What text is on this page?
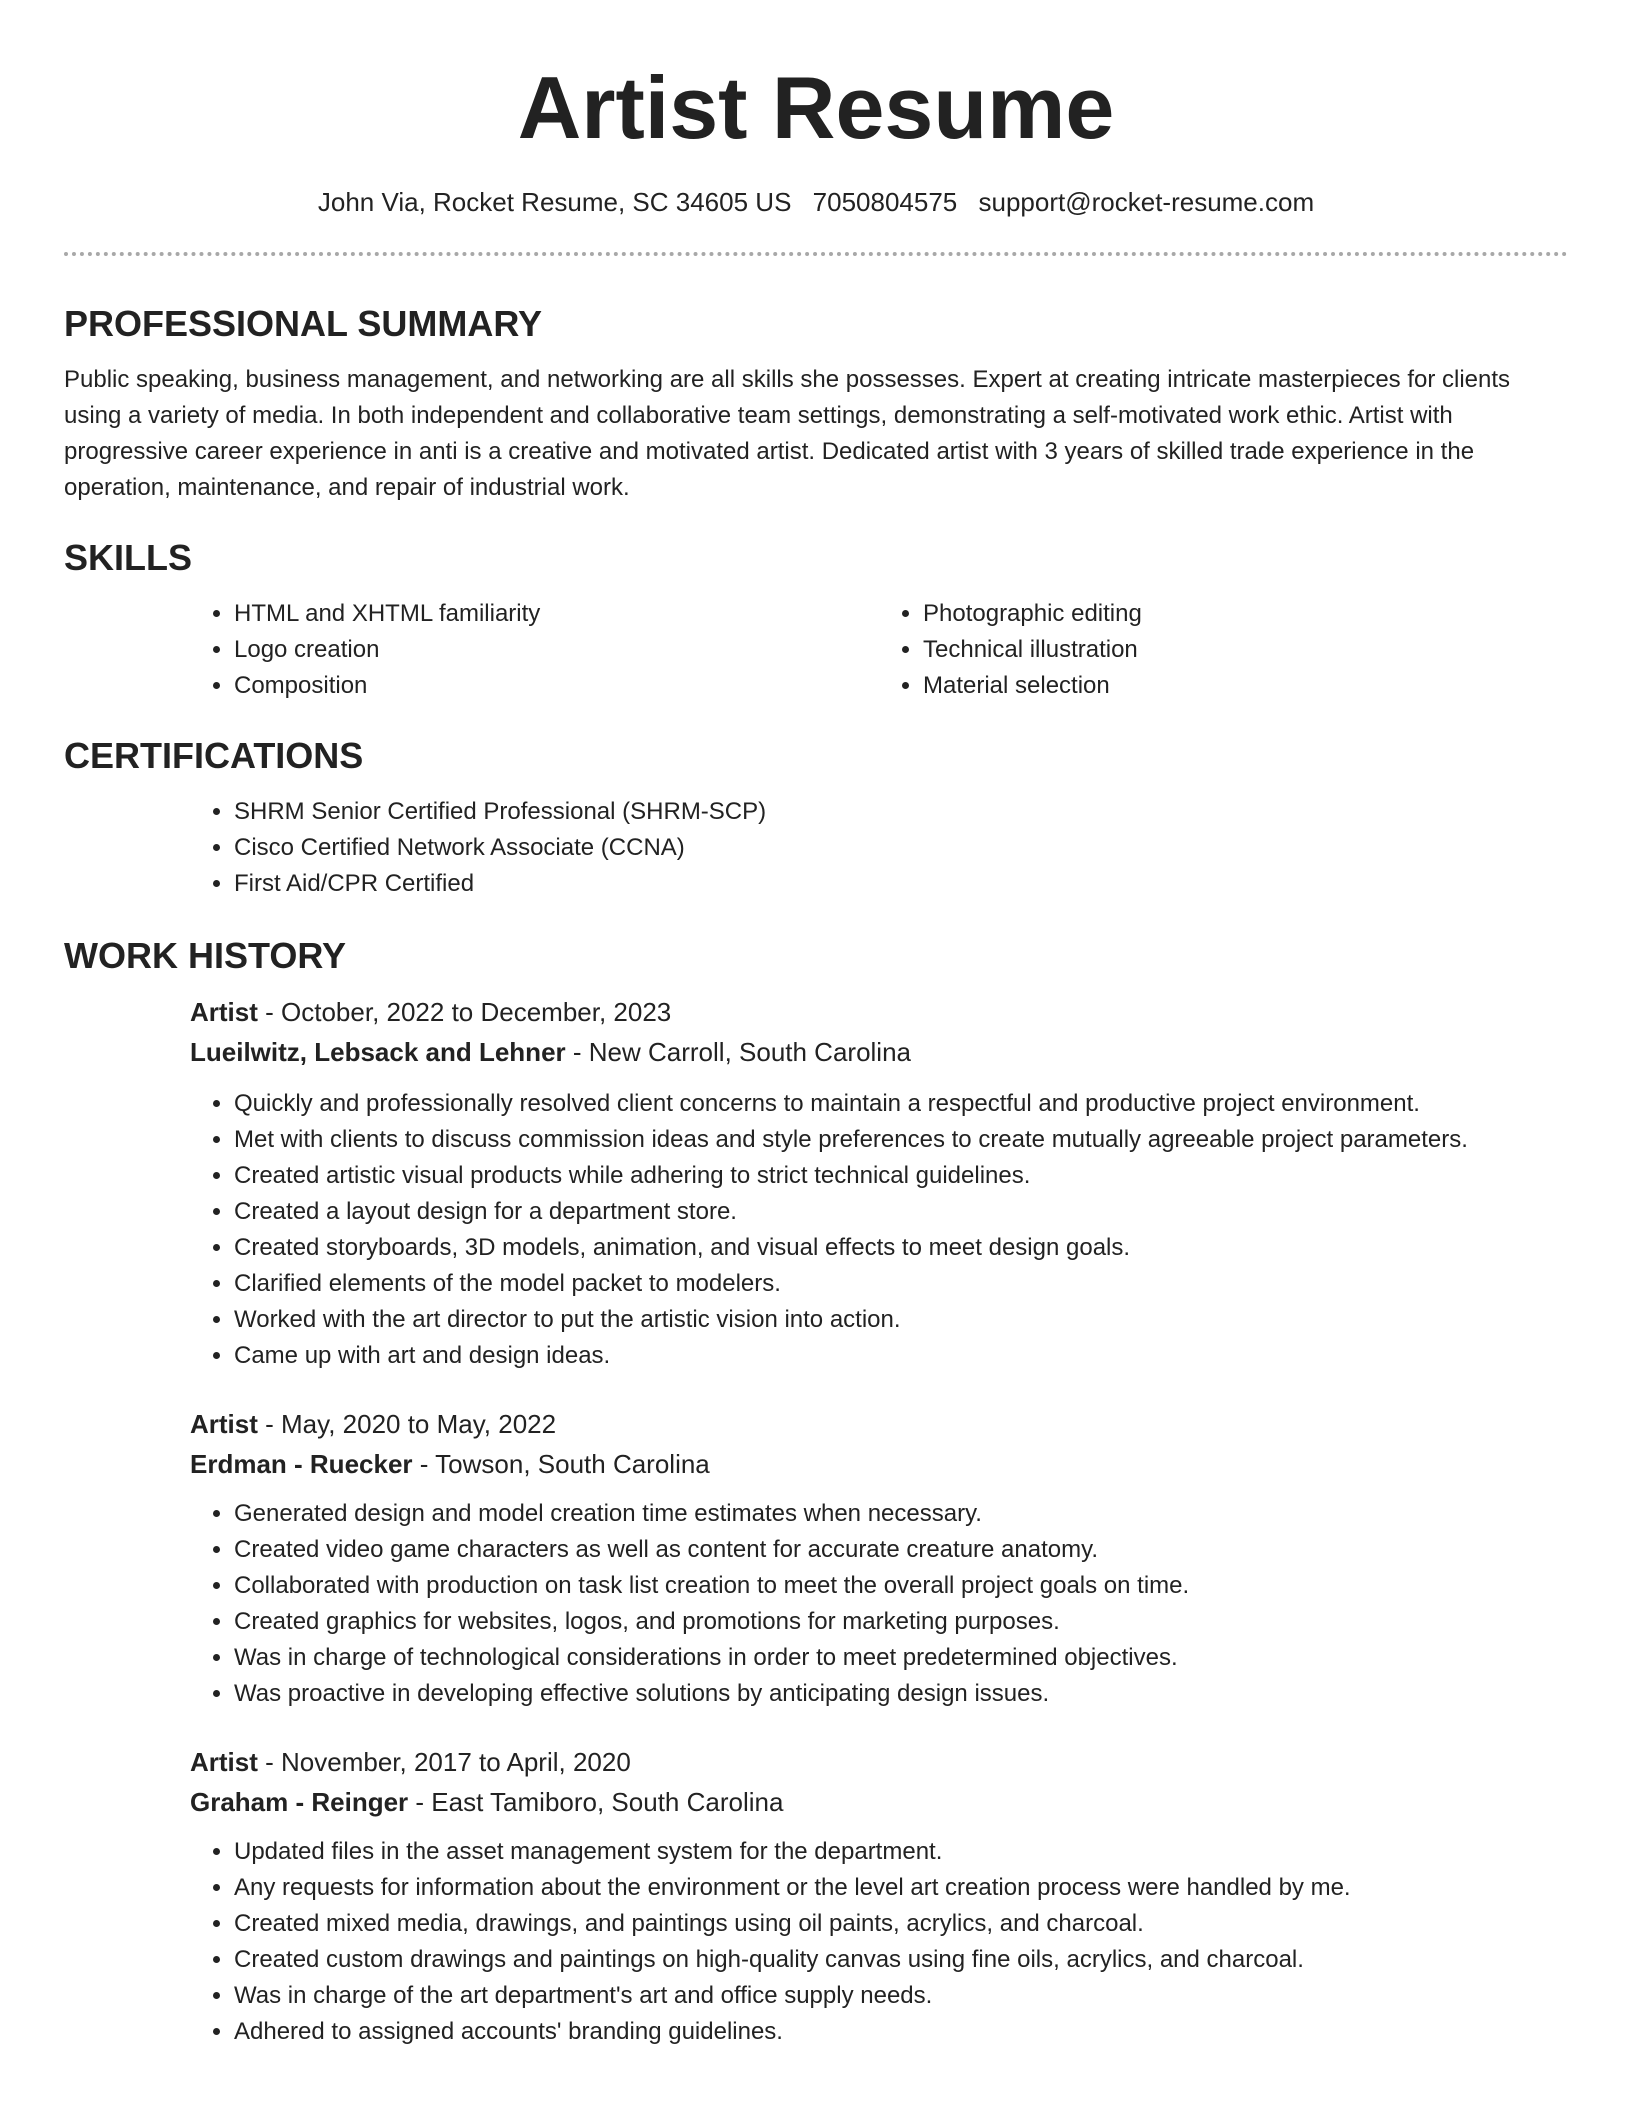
Artist Resume
John Via, Rocket Resume, SC 34605 US 7050804575 support@rocket-resume.com
PROFESSIONAL SUMMARY

Public speaking, business management, and networking are all skills she possesses. Expert at creating intricate masterpieces for clients using a variety of media. In both independent and collaborative team settings, demonstrating a self-motivated work ethic. Artist with progressive career experience in anti is a creative and motivated artist. Dedicated artist with 3 years of skilled trade experience in the operation, maintenance, and repair of industrial work.

SKILLS
• HTML and XHTML familiarity
• Logo creation
• Composition
• Photographic editing
• Technical illustration
• Material selection
CERTIFICATIONS
• SHRM Senior Certified Professional (SHRM-SCP)
• Cisco Certified Network Associate (CCNA)
• First Aid/CPR Certified
WORK HISTORY
Artist - October, 2022 to December, 2023
Lueilwitz, Lebsack and Lehner - New Carroll, South Carolina
• Quickly and professionally resolved client concerns to maintain a respectful and productive project environment.
• Met with clients to discuss commission ideas and style preferences to create mutually agreeable project parameters.
• Created artistic visual products while adhering to strict technical guidelines.
• Created a layout design for a department store.
• Created storyboards, 3D models, animation, and visual effects to meet design goals.
• Clarified elements of the model packet to modelers.
• Worked with the art director to put the artistic vision into action.
• Came up with art and design ideas.
Artist - May, 2020 to May, 2022
Erdman - Ruecker - Towson, South Carolina
• Generated design and model creation time estimates when necessary.
• Created video game characters as well as content for accurate creature anatomy.
• Collaborated with production on task list creation to meet the overall project goals on time.
• Created graphics for websites, logos, and promotions for marketing purposes.
• Was in charge of technological considerations in order to meet predetermined objectives.
• Was proactive in developing effective solutions by anticipating design issues.
Artist - November, 2017 to April, 2020
Graham - Reinger - East Tamiboro, South Carolina
• Updated files in the asset management system for the department.
• Any requests for information about the environment or the level art creation process were handled by me.
• Created mixed media, drawings, and paintings using oil paints, acrylics, and charcoal.
• Created custom drawings and paintings on high-quality canvas using fine oils, acrylics, and charcoal.
• Was in charge of the art department's art and office supply needs.
• Adhered to assigned accounts' branding guidelines.
